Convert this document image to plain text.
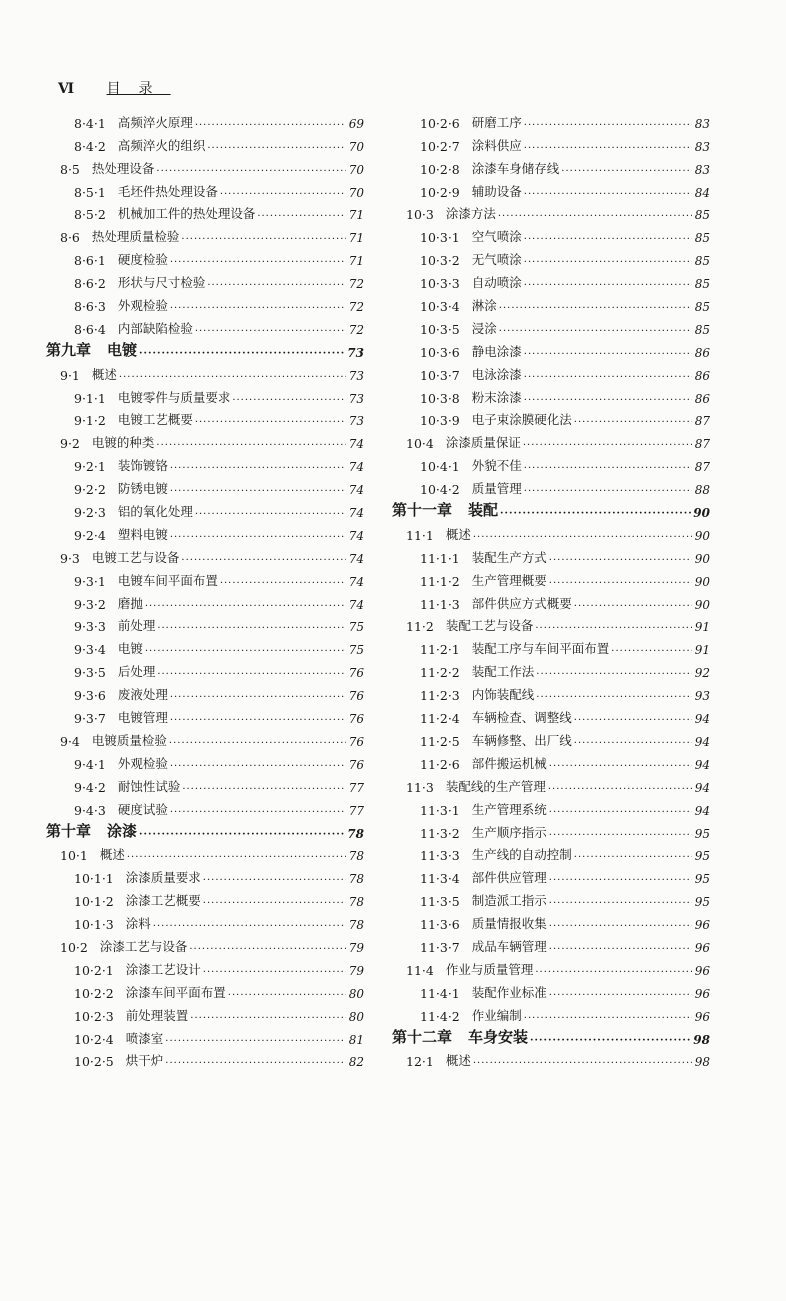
Ⅵ 目录
8·4·1 高频淬火原理 ·····	69
8·4·2 高频淬火的组织 ·····	70
8·5 热处理设备 ·····	70
8·5·1 毛坯件热处理设备 ·····	70
8·5·2 机械加工件的热处理设备 ·····	71
8·6 热处理质量检验 ·····	71
8·6·1 硬度检验 ·····	71
8·6·2 形状与尺寸检验 ·····	72
8·6·3 外观检验 ·····	72
8·6·4 内部缺陷检验 ·····	72
第九章 电镀 ·····	73
9·1 概述 ·····	73
9·1·1 电镀零件与质量要求 ·····	73
9·1·2 电镀工艺概要 ·····	73
9·2 电镀的种类 ·····	74
9·2·1 装饰镀铬 ·····	74
9·2·2 防锈电镀 ·····	74
9·2·3 铝的氧化处理 ·····	74
9·2·4 塑料电镀 ·····	74
9·3 电镀工艺与设备 ·····	74
9·3·1 电镀车间平面布置 ·····	74
9·3·2 磨抛 ·····	74
9·3·3 前处理 ·····	75
9·3·4 电镀 ·····	75
9·3·5 后处理 ·····	76
9·3·6 废液处理 ·····	76
9·3·7 电镀管理 ·····	76
9·4 电镀质量检验 ·····	76
9·4·1 外观检验 ·····	76
9·4·2 耐蚀性试验 ·····	77
9·4·3 硬度试验 ·····	77
第十章 涂漆 ·····	78
10·1 概述 ·····	78
10·1·1 涂漆质量要求 ·····	78
10·1·2 涂漆工艺概要 ·····	78
10·1·3 涂料 ·····	78
10·2 涂漆工艺与设备 ·····	79
10·2·1 涂漆工艺设计 ·····	79
10·2·2 涂漆车间平面布置 ·····	80
10·2·3 前处理装置 ·····	80
10·2·4 喷漆室 ·····	81
10·2·5 烘干炉 ·····	82
10·2·6 研磨工序 ·····	83
10·2·7 涂料供应 ·····	83
10·2·8 涂漆车身储存线 ·····	83
10·2·9 辅助设备 ·····	84
10·3 涂漆方法 ·····	85
10·3·1 空气喷涂 ·····	85
10·3·2 无气喷涂 ·····	85
10·3·3 自动喷涂 ·····	85
10·3·4 淋涂 ·····	85
10·3·5 浸涂 ·····	85
10·3·6 静电涂漆 ·····	86
10·3·7 电泳涂漆 ·····	86
10·3·8 粉末涂漆 ·····	86
10·3·9 电子束涂膜硬化法 ·····	87
10·4 涂漆质量保证 ·····	87
10·4·1 外貌不佳 ·····	87
10·4·2 质量管理 ·····	88
第十一章 装配 ·····	90
11·1 概述 ·····	90
11·1·1 装配生产方式 ·····	90
11·1·2 生产管理概要 ·····	90
11·1·3 部件供应方式概要 ·····	90
11·2 装配工艺与设备 ·····	91
11·2·1 装配工序与车间平面布置 ·····	91
11·2·2 装配工作法 ·····	92
11·2·3 内饰装配线 ·····	93
11·2·4 车辆检查、调整线 ·····	94
11·2·5 车辆修整、出厂线 ·····	94
11·2·6 部件搬运机械 ·····	94
11·3 装配线的生产管理 ·····	94
11·3·1 生产管理系统 ·····	94
11·3·2 生产顺序指示 ·····	95
11·3·3 生产线的自动控制 ·····	95
11·3·4 部件供应管理 ·····	95
11·3·5 制造派工指示 ·····	95
11·3·6 质量情报收集 ·····	96
11·3·7 成品车辆管理 ·····	96
11·4 作业与质量管理 ·····	96
11·4·1 装配作业标准 ·····	96
11·4·2 作业编制 ·····	96
第十二章 车身安装 ·····	98
12·1 概述 ·····	98
